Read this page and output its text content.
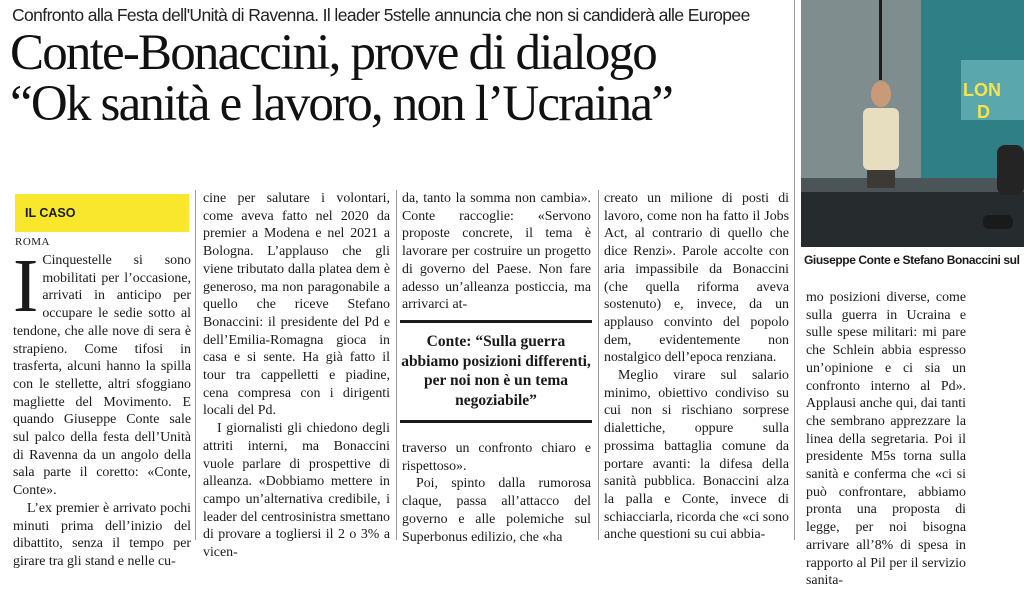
Confronto alla Festa dell'Unità di Ravenna. Il leader 5stelle annuncia che non si candiderà alle Europee
Conte-Bonaccini, prove di dialogo
“Ok sanità e lavoro, non l’Ucraina”
IL CASO
ROMA
I Cinquestelle si sono mobilitati per l’occasione, arrivati in anticipo per occupare le sedie sotto al tendone, che alle nove di sera è strapieno. Come tifosi in trasferta, alcuni hanno la spilla con le stellette, altri sfoggiano magliette del Movimento. E quando Giuseppe Conte sale sul palco della festa dell’Unità di Ravenna da un angolo della sala parte il coretto: «Conte, Conte».

L’ex premier è arrivato pochi minuti prima dell’inizio del dibattito, senza il tempo per girare tra gli stand e nelle cu-

cine per salutare i volontari, come aveva fatto nel 2020 da premier a Modena e nel 2021 a Bologna. L’applauso che gli viene tributato dalla platea dem è generoso, ma non paragonabile a quello che riceve Stefano Bonaccini: il presidente del Pd e dell’Emilia-Romagna gioca in casa e si sente. Ha già fatto il tour tra cappelletti e piadine, cena compresa con i dirigenti locali del Pd.

I giornalisti gli chiedono degli attriti interni, ma Bonaccini vuole parlare di prospettive di alleanza. «Dobbiamo mettere in campo un’alternativa credibile, i leader del centrosinistra smettano di provare a togliersi il 2 o 3% a vicen-

da, tanto la somma non cambia». Conte raccoglie: «Servono proposte concrete, il tema è lavorare per costruire un progetto di governo del Paese. Non fare adesso un’alleanza posticcia, ma arrivarci at-

Conte: “Sulla guerra abbiamo posizioni differenti, per noi non è un tema negoziabile”

traverso un confronto chiaro e rispettoso».

Poi, spinto dalla rumorosa claque, passa all’attacco del governo e alle polemiche sul Superbonus edilizio, che «ha

creato un milione di posti di lavoro, come non ha fatto il Jobs Act, al contrario di quello che dice Renzi». Parole accolte con aria impassibile da Bonaccini (che quella riforma aveva sostenuto) e, invece, da un applauso convinto del popolo dem, evidentemente non nostalgico dell’epoca renziana.

Meglio virare sul salario minimo, obiettivo condiviso su cui non si rischiano sorprese dialettiche, oppure sulla prossima battaglia comune da portare avanti: la difesa della sanità pubblica. Bonaccini alza la palla e Conte, invece di schiacciarla, ricorda che «ci sono anche questioni su cui abbia-

LON
D
Giuseppe Conte e Stefano Bonaccini sul

mo posizioni diverse, come sulla guerra in Ucraina e sulle spese militari: mi pare che Schlein abbia espresso un’opinione e ci sia un confronto interno al Pd». Applausi anche qui, dai tanti che sembrano apprezzare la linea della segretaria. Poi il presidente M5s torna sulla sanità e conferma che «ci si può confrontare, abbiamo pronta una proposta di legge, per noi bisogna arrivare all’8% di spesa in rapporto al Pil per il servizio sanita-
